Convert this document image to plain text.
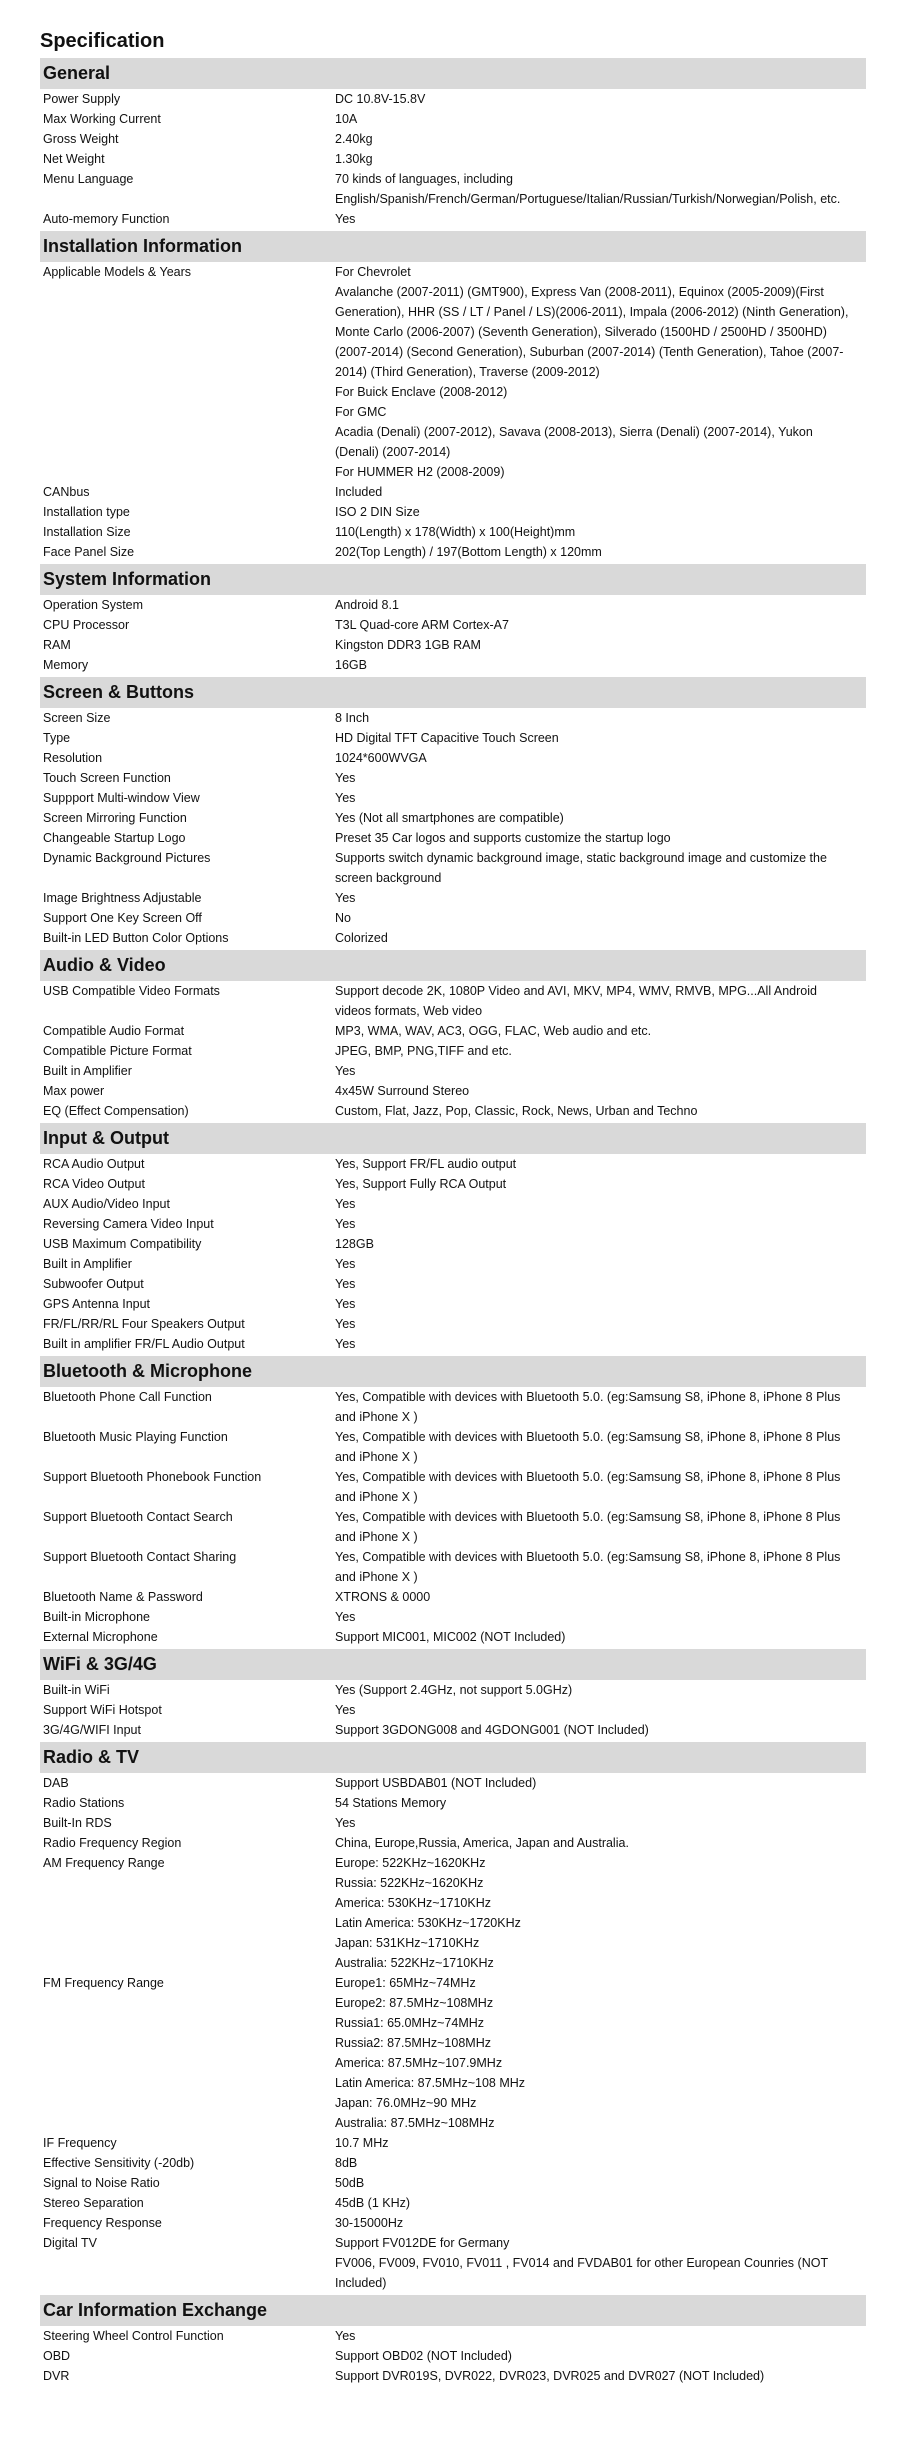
Specification
General
Power Supply	DC 10.8V-15.8V
Max Working Current	10A
Gross Weight	2.40kg
Net Weight	1.30kg
Menu Language	70 kinds of languages, including English/Spanish/French/German/Portuguese/Italian/Russian/Turkish/Norwegian/Polish, etc.
Auto-memory Function	Yes
Installation Information
Applicable Models & Years	For Chevrolet
Avalanche (2007-2011) (GMT900), Express Van (2008-2011), Equinox (2005-2009)(First Generation), HHR (SS / LT / Panel / LS)(2006-2011), Impala (2006-2012) (Ninth Generation), Monte Carlo (2006-2007) (Seventh Generation), Silverado (1500HD / 2500HD / 3500HD) (2007-2014) (Second Generation), Suburban (2007-2014) (Tenth Generation), Tahoe (2007-2014) (Third Generation), Traverse (2009-2012)
For Buick Enclave (2008-2012)
For GMC
Acadia (Denali) (2007-2012), Savava (2008-2013), Sierra (Denali) (2007-2014), Yukon (Denali) (2007-2014)
For HUMMER H2 (2008-2009)
CANbus	Included
Installation type	ISO 2 DIN Size
Installation Size	110(Length) x 178(Width) x 100(Height)mm
Face Panel Size	202(Top Length) / 197(Bottom Length) x 120mm
System Information
Operation System	Android 8.1
CPU Processor	T3L Quad-core ARM Cortex-A7
RAM	Kingston DDR3 1GB RAM
Memory	16GB
Screen & Buttons
Screen Size	8 Inch
Type	HD Digital TFT Capacitive Touch Screen
Resolution	1024*600WVGA
Touch Screen Function	Yes
Suppport Multi-window View	Yes
Screen Mirroring Function	Yes (Not all smartphones are compatible)
Changeable Startup Logo	Preset 35 Car logos and supports customize the startup logo
Dynamic Background Pictures	Supports switch dynamic background image, static background image and customize the screen background
Image Brightness Adjustable	Yes
Support One Key Screen Off	No
Built-in LED Button Color Options	Colorized
Audio & Video
USB Compatible Video Formats	Support decode 2K, 1080P Video and AVI, MKV, MP4, WMV, RMVB, MPG...All Android videos formats, Web video
Compatible Audio Format	MP3, WMA, WAV, AC3, OGG, FLAC, Web audio and etc.
Compatible Picture Format	JPEG, BMP, PNG,TIFF and etc.
Built in Amplifier	Yes
Max power	4x45W Surround Stereo
EQ (Effect Compensation)	Custom, Flat, Jazz, Pop, Classic, Rock, News, Urban and Techno
Input & Output
RCA Audio Output	Yes, Support FR/FL audio output
RCA Video Output	Yes, Support Fully RCA Output
AUX Audio/Video Input	Yes
Reversing Camera Video Input	Yes
USB Maximum Compatibility	128GB
Built in Amplifier	Yes
Subwoofer Output	Yes
GPS Antenna Input	Yes
FR/FL/RR/RL Four Speakers Output	Yes
Built in amplifier FR/FL Audio Output	Yes
Bluetooth & Microphone
Bluetooth Phone Call Function	Yes, Compatible with devices with Bluetooth 5.0. (eg:Samsung S8, iPhone 8, iPhone 8 Plus and iPhone X )
Bluetooth Music Playing Function	Yes, Compatible with devices with Bluetooth 5.0. (eg:Samsung S8, iPhone 8, iPhone 8 Plus and iPhone X )
Support Bluetooth Phonebook Function	Yes, Compatible with devices with Bluetooth 5.0. (eg:Samsung S8, iPhone 8, iPhone 8 Plus and iPhone X )
Support Bluetooth Contact Search	Yes, Compatible with devices with Bluetooth 5.0. (eg:Samsung S8, iPhone 8, iPhone 8 Plus and iPhone X )
Support Bluetooth Contact Sharing	Yes, Compatible with devices with Bluetooth 5.0. (eg:Samsung S8, iPhone 8, iPhone 8 Plus and iPhone X )
Bluetooth Name & Password	XTRONS & 0000
Built-in Microphone	Yes
External Microphone	Support MIC001, MIC002 (NOT Included)
WiFi & 3G/4G
Built-in WiFi	Yes (Support 2.4GHz, not support 5.0GHz)
Support WiFi Hotspot	Yes
3G/4G/WIFI Input	Support 3GDONG008 and 4GDONG001 (NOT Included)
Radio & TV
DAB	Support USBDAB01 (NOT Included)
Radio Stations	54 Stations Memory
Built-In RDS	Yes
Radio Frequency Region	China, Europe,Russia, America, Japan and Australia.
AM Frequency Range	Europe: 522KHz~1620KHz
Russia: 522KHz~1620KHz
America: 530KHz~1710KHz
Latin America: 530KHz~1720KHz
Japan: 531KHz~1710KHz
Australia: 522KHz~1710KHz
FM Frequency Range	Europe1: 65MHz~74MHz
Europe2: 87.5MHz~108MHz
Russia1: 65.0MHz~74MHz
Russia2: 87.5MHz~108MHz
America: 87.5MHz~107.9MHz
Latin America: 87.5MHz~108 MHz
Japan: 76.0MHz~90 MHz
Australia: 87.5MHz~108MHz
IF Frequency	10.7 MHz
Effective Sensitivity (-20db)	8dB
Signal to Noise Ratio	50dB
Stereo Separation	45dB (1 KHz)
Frequency Response	30-15000Hz
Digital TV	Support FV012DE for Germany
FV006, FV009, FV010, FV011 , FV014 and FVDAB01 for other European Counries (NOT Included)
Car Information Exchange
Steering Wheel Control Function	Yes
OBD	Support OBD02 (NOT Included)
DVR	Support DVR019S, DVR022, DVR023, DVR025 and DVR027 (NOT Included)
